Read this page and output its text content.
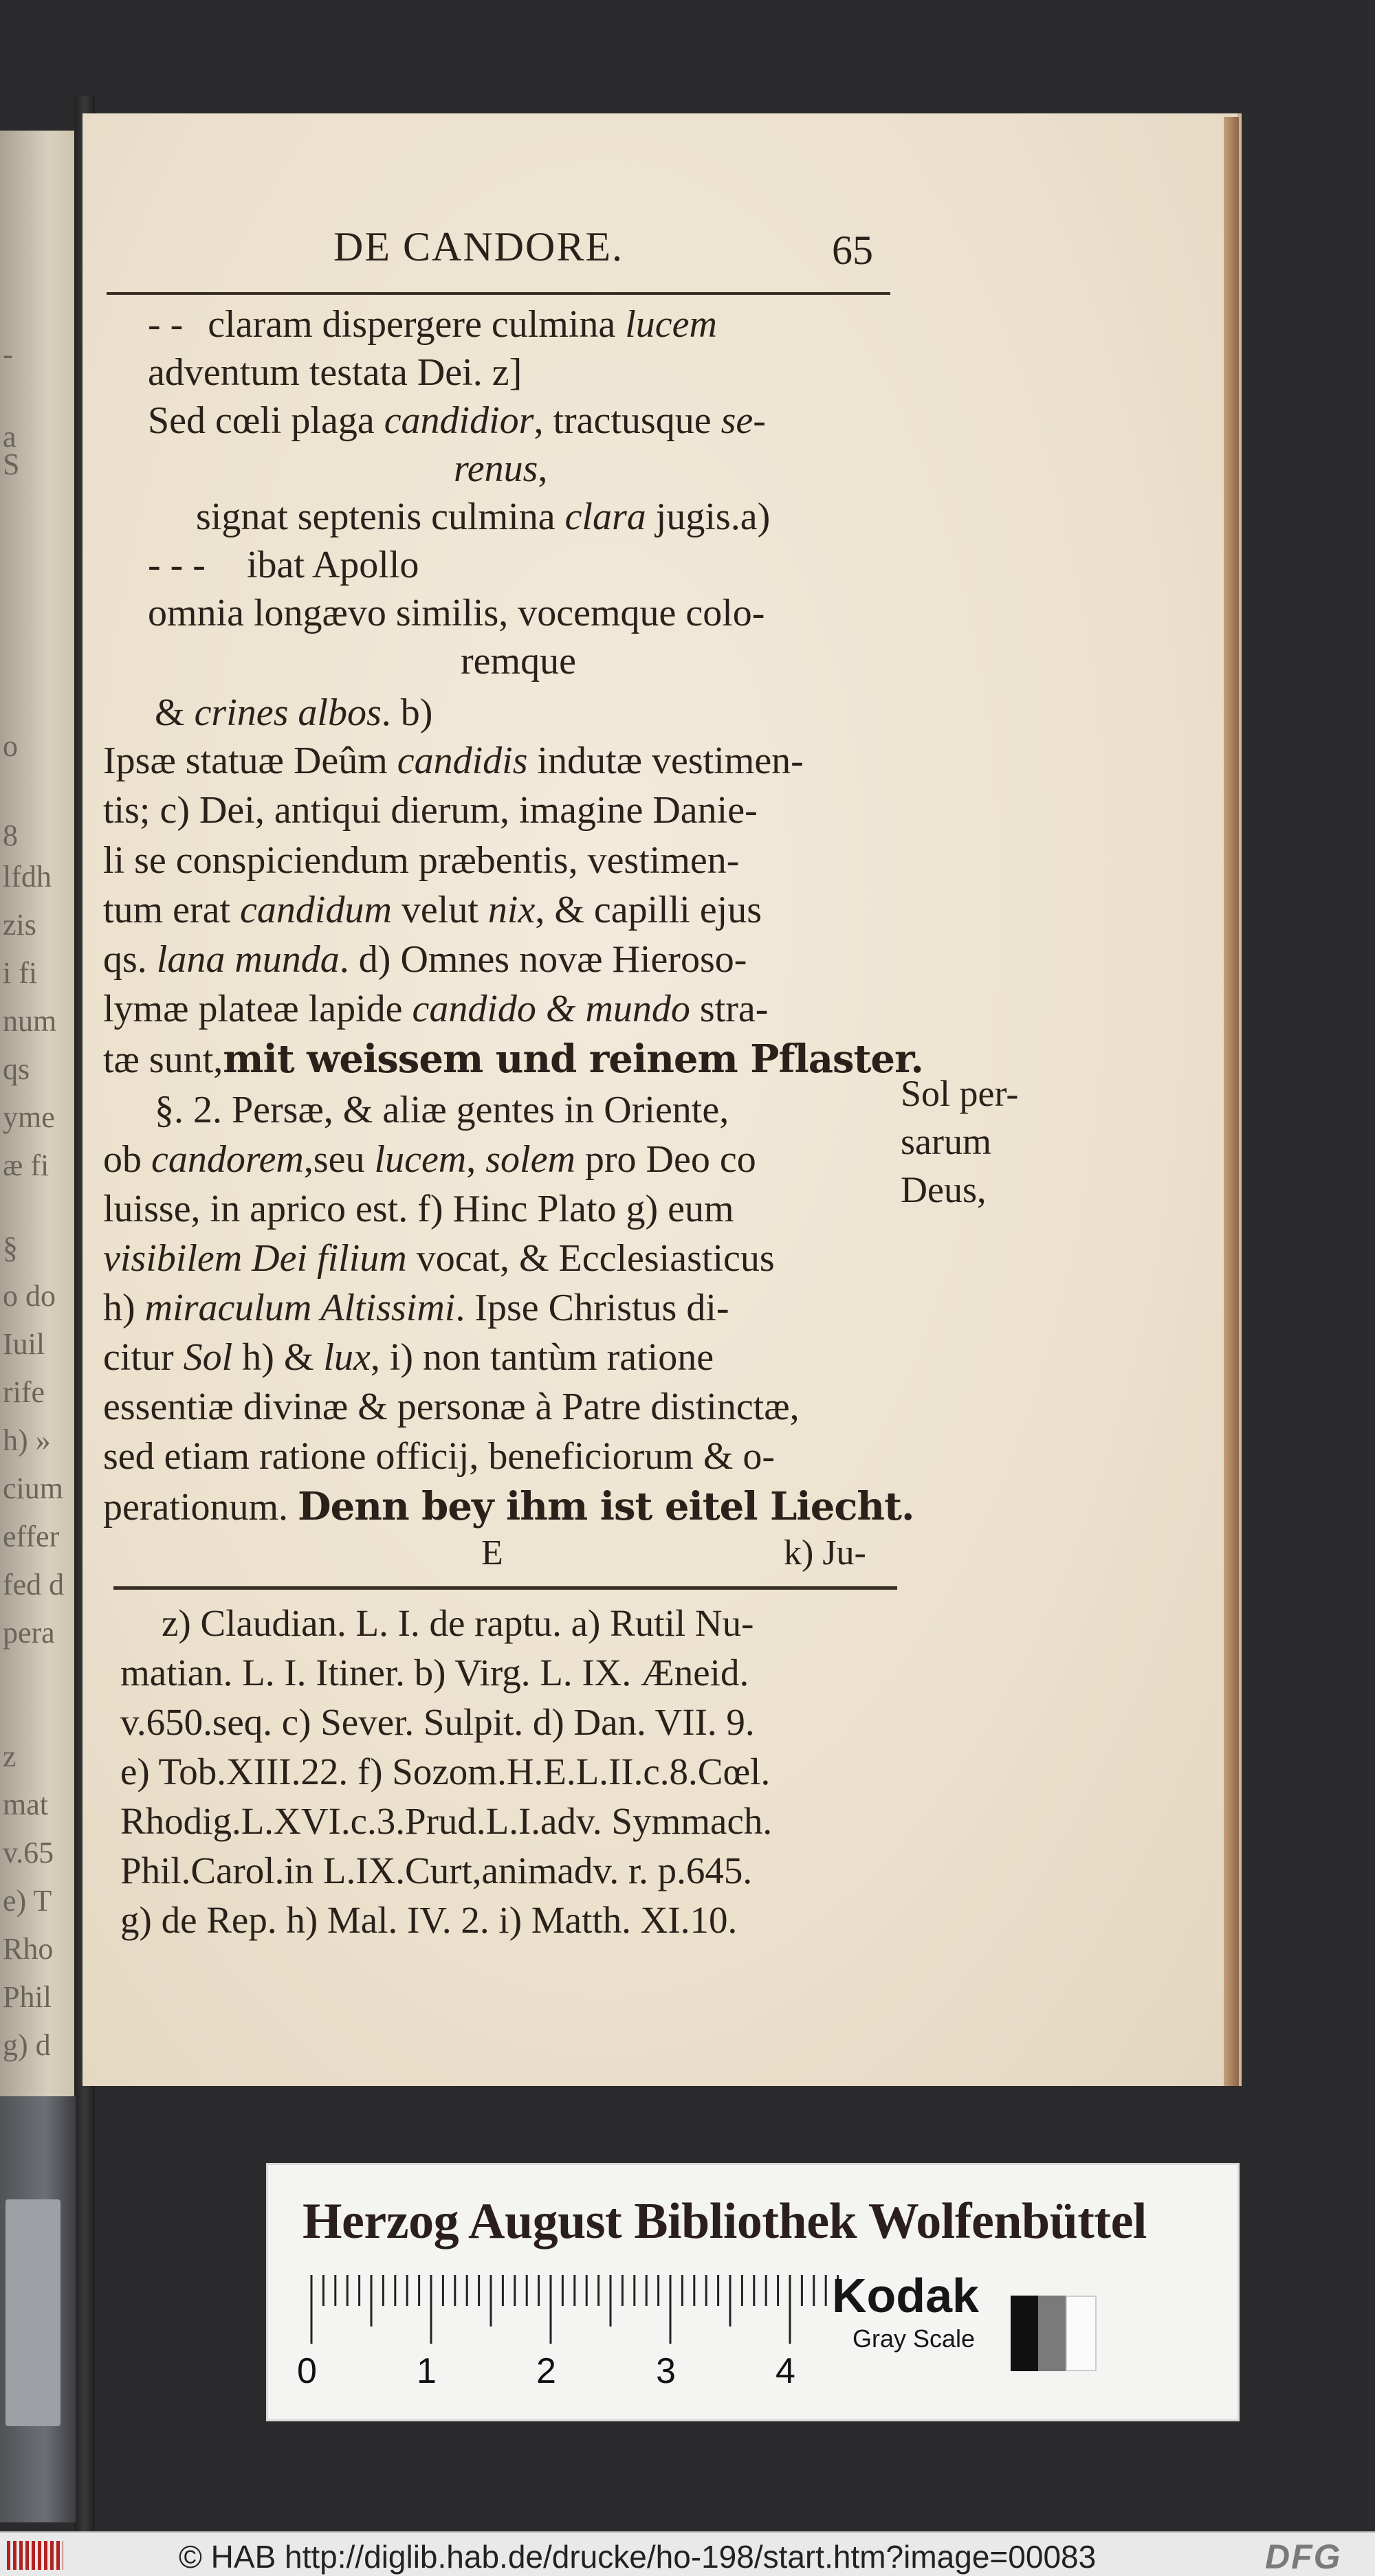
-
a
S
o
8
lfdh
zis
i fi
num
qs
yme
æ fi
§
o do
Iuil
rife
h) »
cium
effer
fed d
pera
z
mat
v.65
e) T
Rho
Phil
g) d
DE CANDORE.	65
- - claram dispergere culmina lucem
adventum testata Dei. z]
Sed cœli plaga candidior, tractusque se-
renus,
signat septenis culmina clara jugis.a)
- - - ibat Apollo
omnia longævo similis, vocemque colo-
remque
& crines albos. b)
Ipsæ statuæ Deûm candidis indutæ vestimen-
tis; c) Dei, antiqui dierum, imagine Danie-
li se conspiciendum præbentis, vestimen-
tum erat candidum velut nix, & capilli ejus
qs. lana munda. d) Omnes novæ Hieroso-
lymæ plateæ lapide candido & mundo stra-
tæ sunt,mit weissem und reinem Pflaster.
§. 2. Persæ, & aliæ gentes in Oriente,
ob candorem,seu lucem, solem pro Deo co
luisse, in aprico est. f) Hinc Plato g) eum
visibilem Dei filium vocat, & Ecclesiasticus
h) miraculum Altissimi. Ipse Christus di-
citur Sol h) & lux, i) non tantùm ratione
essentiæ divinæ & personæ à Patre distinctæ,
sed etiam ratione officij, beneficiorum & o-
perationum. Denn bey ihm ist eitel Liecht.
E	k) Ju-
Sol per-
sarum
Deus,
z) Claudian. L. I. de raptu. a) Rutil Nu-
matian. L. I. Itiner. b) Virg. L. IX. Æneid.
v.650.seq. c) Sever. Sulpit. d) Dan. VII. 9.
e) Tob.XIII.22. f) Sozom.H.E.L.II.c.8.Cœl.
Rhodig.L.XVI.c.3.Prud.L.I.adv. Symmach.
Phil.Carol.in L.IX.Curt,animadv. r. p.645.
g) de Rep. h) Mal. IV. 2. i) Matth. XI.10.
Herzog August Bibliothek Wolfenbüttel
0	1	2	3	4
Kodak
Gray Scale
© HAB http://diglib.hab.de/drucke/ho-198/start.htm?image=00083	DFG
